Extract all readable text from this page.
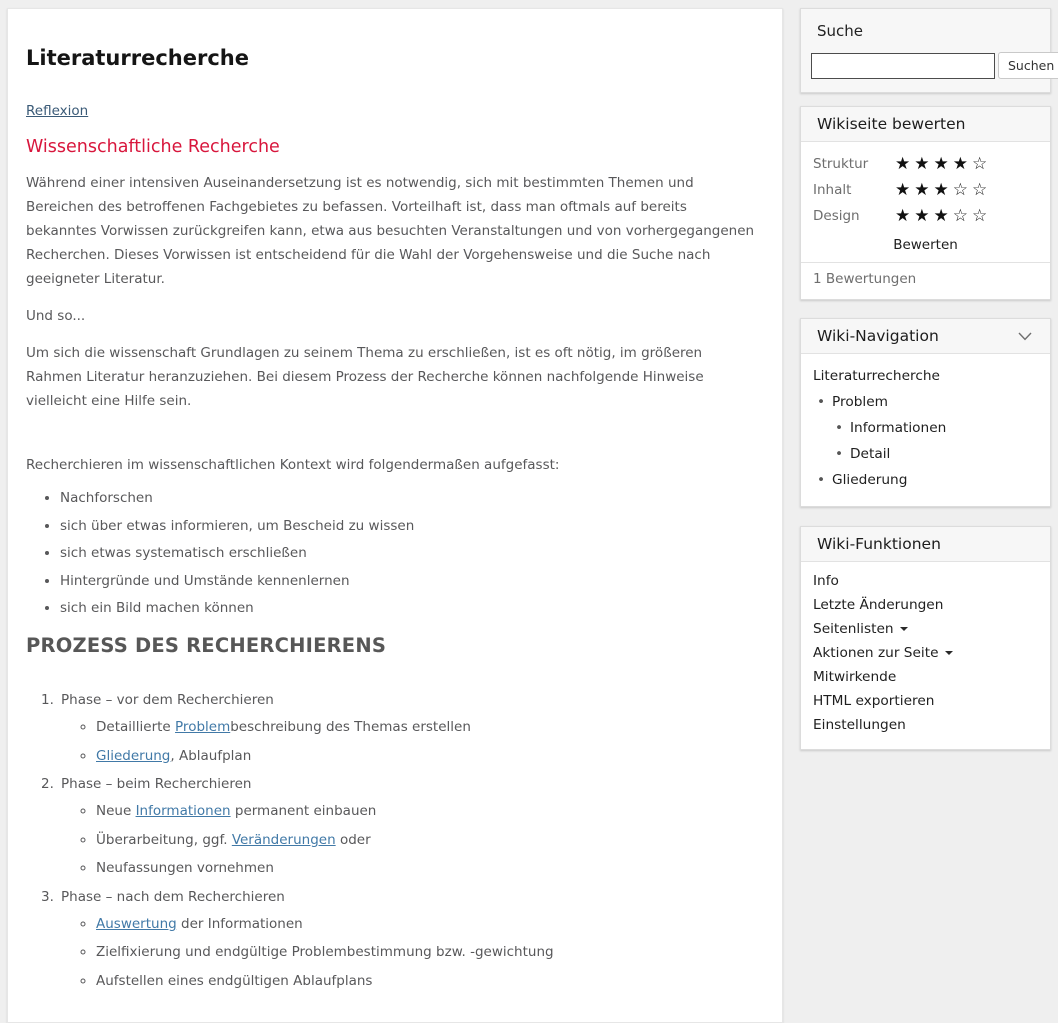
Literaturrecherche
Reflexion
Wissenschaftliche Recherche

Während einer intensiven Auseinandersetzung ist es notwendig, sich mit bestimmten Themen und Bereichen des betroffenen Fachgebietes zu befassen. Vorteilhaft ist, dass man oftmals auf bereits bekanntes Vorwissen zurückgreifen kann, etwa aus besuchten Veranstaltungen und von vorhergegangenen Recherchen. Dieses Vorwissen ist entscheidend für die Wahl der Vorgehensweise und die Suche nach geeigneter Literatur.

Und so...

Um sich die wissenschaft Grundlagen zu seinem Thema zu erschließen, ist es oft nötig, im größeren Rahmen Literatur heranzuziehen. Bei diesem Prozess der Recherche können nachfolgende Hinweise vielleicht eine Hilfe sein.

Recherchieren im wissenschaftlichen Kontext wird folgendermaßen aufgefasst:

• Nachforschen
• sich über etwas informieren, um Bescheid zu wissen
• sich etwas systematisch erschließen
• Hintergründe und Umstände kennenlernen
• sich ein Bild machen können
PROZESS DES RECHERCHIERENS
1. Phase – vor dem Recherchieren
◦ Detaillierte Problembeschreibung des Themas erstellen
◦ Gliederung, Ablaufplan
2. Phase – beim Recherchieren
◦ Neue Informationen permanent einbauen
◦ Überarbeitung, ggf. Veränderungen oder
◦ Neufassungen vornehmen
3. Phase – nach dem Recherchieren
◦ Auswertung der Informationen
◦ Zielfixierung und endgültige Problembestimmung bzw. -gewichtung
◦ Aufstellen eines endgültigen Ablaufplans
Suche
Suchen
Wikiseite bewerten
Struktur	★★★★☆
Inhalt	★★★☆☆
Design	★★★☆☆
Bewerten
1 Bewertungen
Wiki-Navigation
Literaturrecherche
• Problem
• Informationen
• Detail
• Gliederung
Wiki-Funktionen
Info
Letzte Änderungen
Seitenlisten
Aktionen zur Seite
Mitwirkende
HTML exportieren
Einstellungen
